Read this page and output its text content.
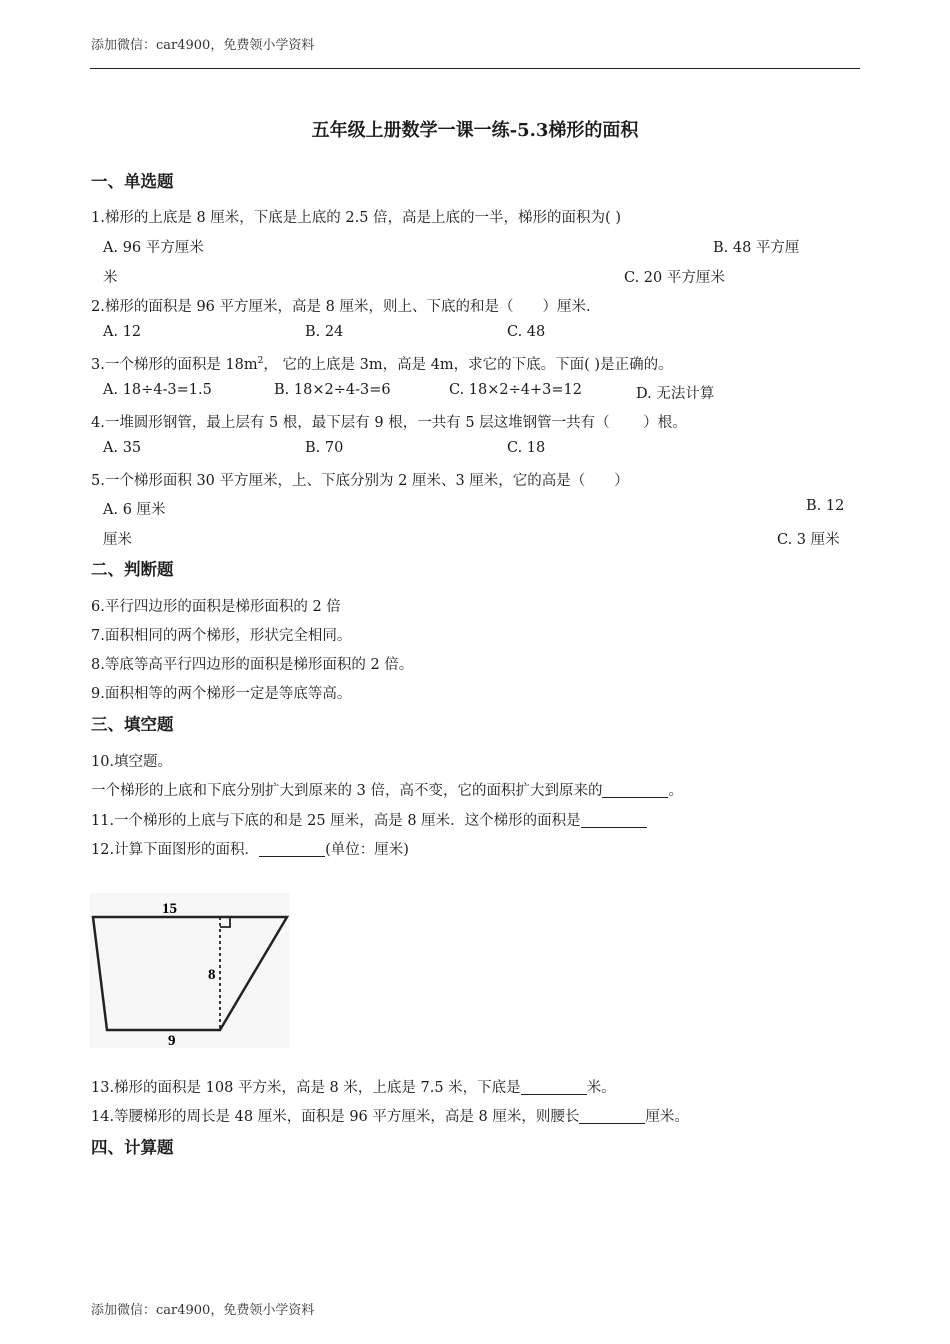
添加微信：car4900，免费领小学资料
五年级上册数学一课一练-5.3梯形的面积
一、单选题
1.梯形的上底是 8 厘米，下底是上底的 2.5 倍，高是上底的一半，梯形的面积为( )
A. 96 平方厘米	B. 48 平方厘
米	C. 20 平方厘米
2.梯形的面积是 96 平方厘米，高是 8 厘米，则上、下底的和是（　　）厘米.
A. 12	B. 24	C. 48
3.一个梯形的面积是 $18m^2$， 它的上底是 3m，高是 4m，求它的下底。下面( )是正确的。
A. 18÷4-3=1.5	B. 18×2÷4-3=6	C. 18×2÷4+3=12	D. 无法计算
4.一堆圆形钢管，最上层有 5 根，最下层有 9 根，一共有 5 层这堆钢管一共有（　　 ）根。
A. 35	B. 70	C. 18
5.一个梯形面积 30 平方厘米，上、下底分别为 2 厘米、3 厘米，它的高是（　　）
A. 6 厘米	B. 12
厘米	C. 3 厘米
二、判断题
6.平行四边形的面积是梯形面积的 2 倍
7.面积相同的两个梯形，形状完全相同。
8.等底等高平行四边形的面积是梯形面积的 2 倍。
9.面积相等的两个梯形一定是等底等高。
三、填空题
10.填空题。
一个梯形的上底和下底分别扩大到原来的 3 倍，高不变，它的面积扩大到原来的	。
11.一个梯形的上底与下底的和是 25 厘米，高是 8 厘米．这个梯形的面积是
12.计算下面图形的面积．	(单位：厘米)
15
8
9
13.梯形的面积是 108 平方米，高是 8 米，上底是 7.5 米，下底是	米。
14.等腰梯形的周长是 48 厘米，面积是 96 平方厘米，高是 8 厘米，则腰长	厘米。
四、计算题
添加微信：car4900，免费领小学资料
